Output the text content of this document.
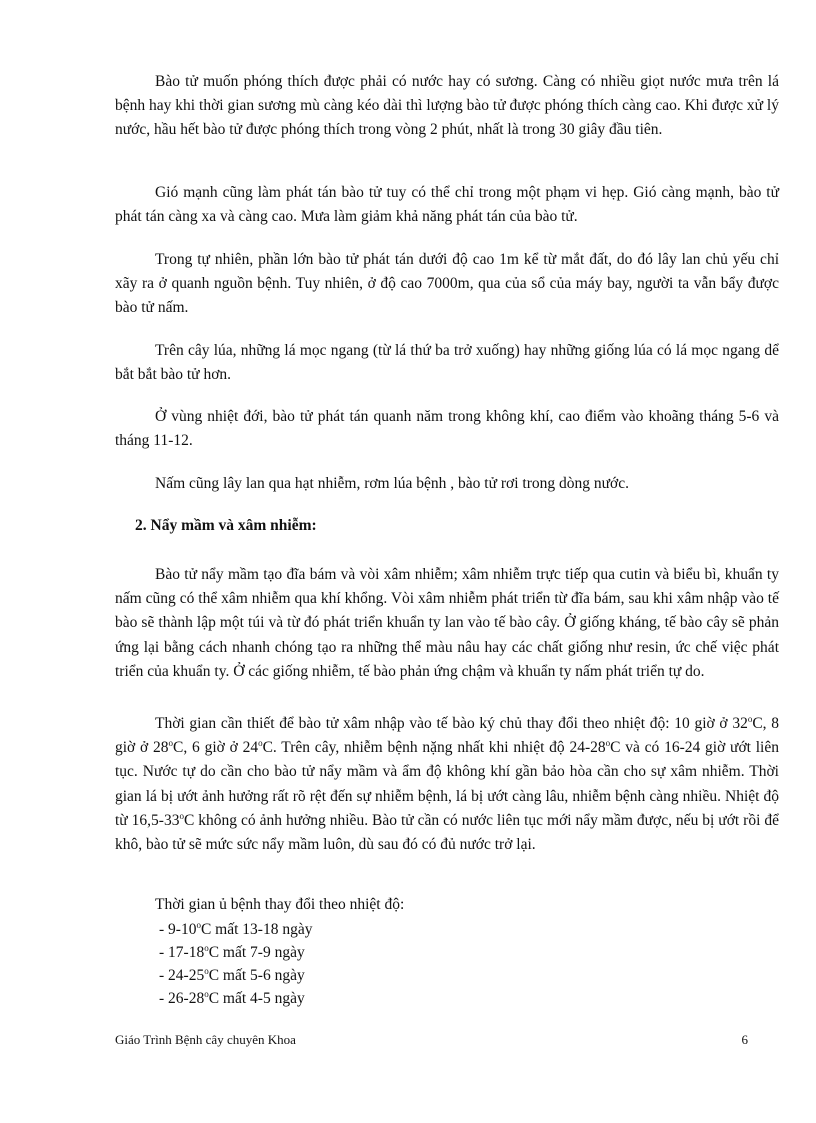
Bào tử muốn phóng thích được phải có nước hay có sương. Càng có nhiều giọt nước mưa trên lá bệnh hay khi thời gian sương mù càng kéo dài thì lượng bào tử được phóng thích càng cao. Khi được xử lý nước, hầu hết bào tử được phóng thích trong vòng 2 phút, nhất là trong 30 giây đầu tiên.

Gió mạnh cũng làm phát tán bào tử tuy có thể chỉ trong một phạm vi hẹp. Gió càng mạnh, bào tử phát tán càng xa và càng cao. Mưa làm giảm khả năng phát tán của bào tử.

Trong tự nhiên, phần lớn bào tử phát tán dưới độ cao 1m kể từ mắt đất, do đó lây lan chủ yếu chỉ xãy ra ở quanh nguồn bệnh. Tuy nhiên, ở độ cao 7000m, qua của sổ của máy bay, người ta vẫn bẩy được bào tử nấm.

Trên cây lúa, những lá mọc ngang (từ lá thứ ba trở xuống) hay những giống lúa có lá mọc ngang dể bắt bắt bào tử hơn.

Ở vùng nhiệt đới, bào tử phát tán quanh năm trong không khí, cao điểm vào khoãng tháng 5-6 và tháng 11-12.

Nấm cũng lây lan qua hạt nhiễm, rơm lúa bệnh , bào tử rơi trong dòng nước.

2. Nẩy mầm và xâm nhiễm:

Bào tử nẩy mầm tạo đĩa bám và vòi xâm nhiễm; xâm nhiễm trực tiếp qua cutin và biểu bì, khuẩn ty nấm cũng có thể xâm nhiễm qua khí khổng. Vòi xâm nhiễm phát triển từ đĩa bám, sau khi xâm nhập vào tế bào sẽ thành lập một túi và từ đó phát triển khuẩn ty lan vào tế bào cây. Ở giống kháng, tế bào cây sẽ phản ứng lại bằng cách nhanh chóng tạo ra những thể màu nâu hay các chất giống như resin, ức chế việc phát triển của khuẩn ty. Ở các giống nhiễm, tế bào phản ứng chậm và khuẩn ty nấm phát triển tự do.

Thời gian cần thiết để bào tử xâm nhập vào tế bào ký chủ thay đổi theo nhiệt độ: 10 giờ ở 32$^o$C, 8 giờ ở 28$^o$C, 6 giờ ở 24$^o$C. Trên cây, nhiễm bệnh nặng nhất khi nhiệt độ 24-28$^o$C và có 16-24 giờ ướt liên tục. Nước tự do cần cho bào tử nẩy mầm và ẩm độ không khí gần bảo hòa cần cho sự xâm nhiễm. Thời gian lá bị ướt ảnh hưởng rất rõ rệt đến sự nhiễm bệnh, lá bị ướt càng lâu, nhiễm bệnh càng nhiều. Nhiệt độ từ 16,5-33$^o$C không có ảnh hưởng nhiều. Bào tử cần có nước liên tục mới nẩy mầm được, nếu bị ướt rồi để khô, bào tử sẽ mức sức nẩy mầm luôn, dù sau đó có đủ nước trở lại.

Thời gian ủ bệnh thay đổi theo nhiệt độ:

- 9-10$^o$C mất 13-18 ngày
- 17-18$^o$C mất 7-9 ngày
- 24-25$^o$C mất 5-6 ngày
- 26-28$^o$C mất 4-5 ngày
Giáo Trình Bệnh cây chuyên Khoa	6
